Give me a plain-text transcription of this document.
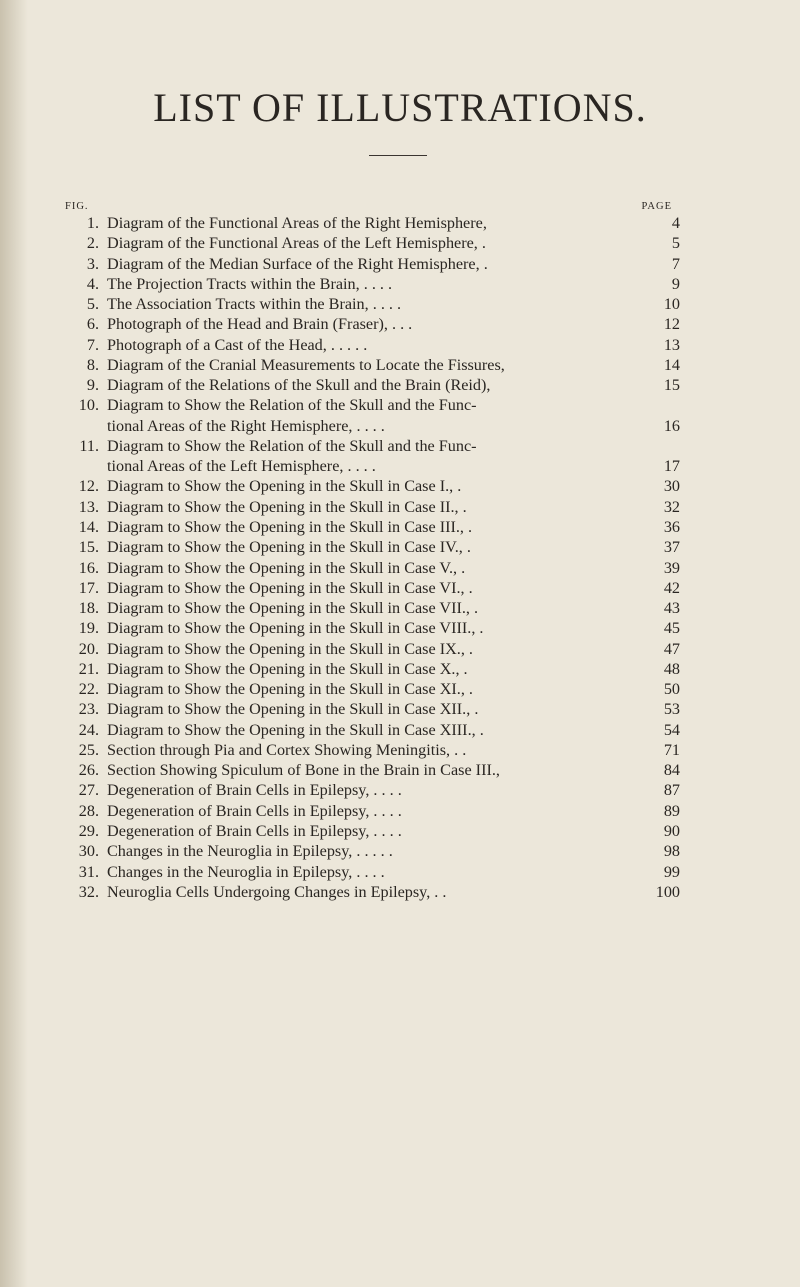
LIST OF ILLUSTRATIONS.
FIG.	PAGE
1. Diagram of the Functional Areas of the Right Hemisphere,	4
2. Diagram of the Functional Areas of the Left Hemisphere, .	5
3. Diagram of the Median Surface of the Right Hemisphere, .	7
4. The Projection Tracts within the Brain, . . . .	9
5. The Association Tracts within the Brain, . . . .	10
6. Photograph of the Head and Brain (Fraser), . . .	12
7. Photograph of a Cast of the Head, . . . . .	13
8. Diagram of the Cranial Measurements to Locate the Fissures,	14
9. Diagram of the Relations of the Skull and the Brain (Reid),	15
10. Diagram to Show the Relation of the Skull and the Func-
tional Areas of the Right Hemisphere, . . . .	16
11. Diagram to Show the Relation of the Skull and the Func-
tional Areas of the Left Hemisphere, . . . .	17
12. Diagram to Show the Opening in the Skull in Case I., .	30
13. Diagram to Show the Opening in the Skull in Case II., .	32
14. Diagram to Show the Opening in the Skull in Case III., .	36
15. Diagram to Show the Opening in the Skull in Case IV., .	37
16. Diagram to Show the Opening in the Skull in Case V., .	39
17. Diagram to Show the Opening in the Skull in Case VI., .	42
18. Diagram to Show the Opening in the Skull in Case VII., .	43
19. Diagram to Show the Opening in the Skull in Case VIII., .	45
20. Diagram to Show the Opening in the Skull in Case IX., .	47
21. Diagram to Show the Opening in the Skull in Case X., .	48
22. Diagram to Show the Opening in the Skull in Case XI., .	50
23. Diagram to Show the Opening in the Skull in Case XII., .	53
24. Diagram to Show the Opening in the Skull in Case XIII., .	54
25. Section through Pia and Cortex Showing Meningitis, . .	71
26. Section Showing Spiculum of Bone in the Brain in Case III.,	84
27. Degeneration of Brain Cells in Epilepsy, . . . .	87
28. Degeneration of Brain Cells in Epilepsy, . . . .	89
29. Degeneration of Brain Cells in Epilepsy, . . . .	90
30. Changes in the Neuroglia in Epilepsy, . . . . .	98
31. Changes in the Neuroglia in Epilepsy, . . . .	99
32. Neuroglia Cells Undergoing Changes in Epilepsy, . .	100
